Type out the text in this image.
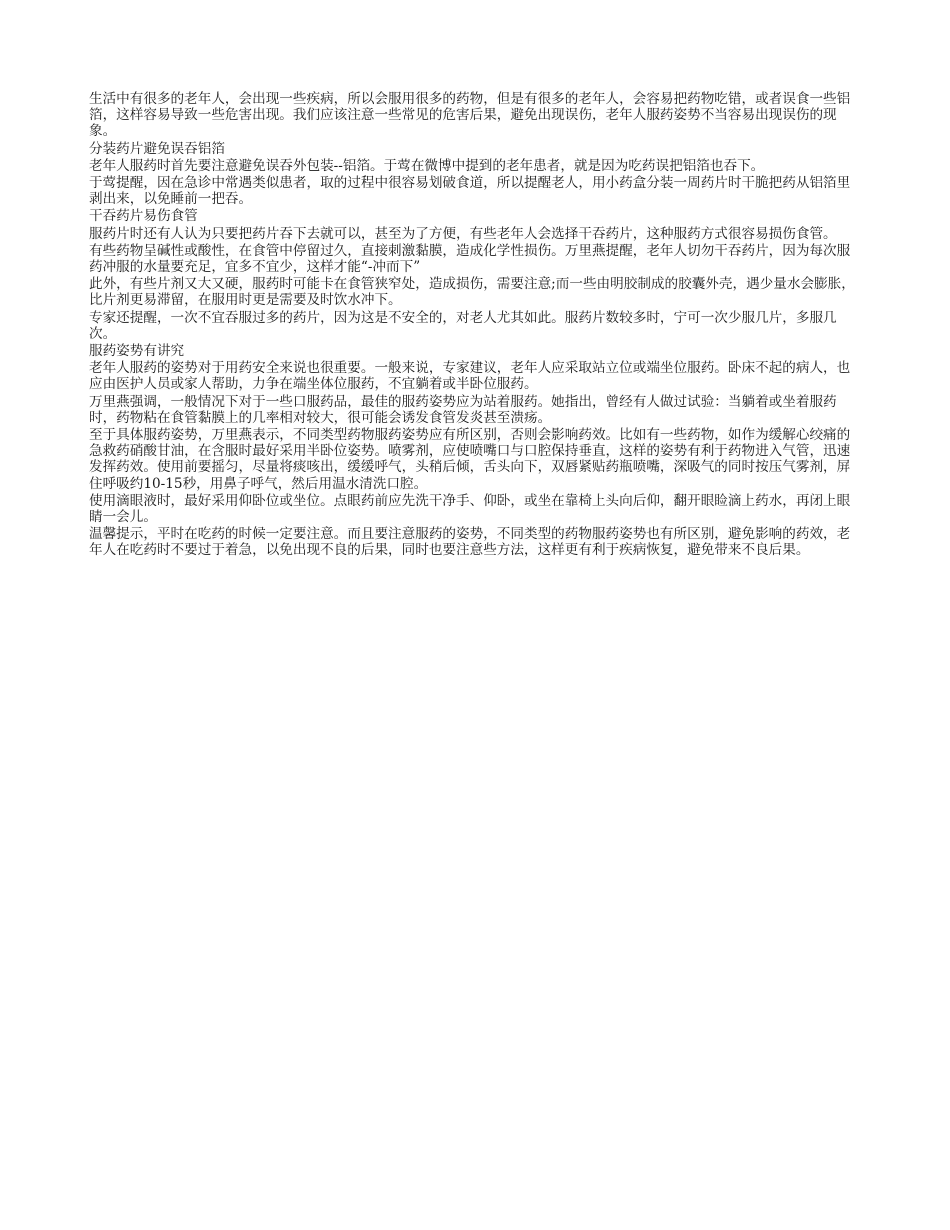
生活中有很多的老年人，会出现一些疾病，所以会服用很多的药物，但是有很多的老年人，会容易把药物吃错，或者误食一些铝箔，这样容易导致一些危害出现。我们应该注意一些常见的危害后果，避免出现误伤，老年人服药姿势不当容易出现误伤的现象。

分装药片避免误吞铝箔

老年人服药时首先要注意避免误吞外包装--铝箔。于莺在微博中提到的老年患者，就是因为吃药误把铝箔也吞下。

于莺提醒，因在急诊中常遇类似患者，取的过程中很容易划破食道，所以提醒老人，用小药盒分装一周药片时干脆把药从铝箔里剥出来，以免睡前一把吞。

干吞药片易伤食管

服药片时还有人认为只要把药片吞下去就可以，甚至为了方便，有些老年人会选择干吞药片，这种服药方式很容易损伤食管。

有些药物呈碱性或酸性，在食管中停留过久，直接刺激黏膜，造成化学性损伤。万里燕提醒，老年人切勿干吞药片，因为每次服药冲服的水量要充足，宜多不宜少，这样才能“-冲而下”

此外，有些片剂又大又硬，服药时可能卡在食管狭窄处，造成损伤，需要注意;而一些由明胶制成的胶囊外壳，遇少量水会膨胀，比片剂更易滞留，在服用时更是需要及时饮水冲下。

专家还提醒，一次不宜吞服过多的药片，因为这是不安全的，对老人尤其如此。服药片数较多时，宁可一次少服几片，多服几次。

服药姿势有讲究

老年人服药的姿势对于用药安全来说也很重要。一般来说，专家建议，老年人应采取站立位或端坐位服药。卧床不起的病人，也应由医护人员或家人帮助，力争在端坐体位服药，不宜躺着或半卧位服药。

万里燕强调，一般情况下对于一些口服药品，最佳的服药姿势应为站着服药。她指出，曾经有人做过试验：当躺着或坐着服药时，药物粘在食管黏膜上的几率相对较大，很可能会诱发食管发炎甚至溃疡。

至于具体服药姿势，万里燕表示，不同类型药物服药姿势应有所区别，否则会影响药效。比如有一些药物，如作为缓解心绞痛的急救药硝酸甘油，在含服时最好采用半卧位姿势。喷雾剂，应使喷嘴口与口腔保持垂直，这样的姿势有利于药物进入气管，迅速发挥药效。使用前要摇匀，尽量将痰咳出，缓缓呼气，头稍后倾，舌头向下，双唇紧贴药瓶喷嘴，深吸气的同时按压气雾剂，屏住呼吸约10-15秒，用鼻子呼气，然后用温水清洗口腔。

使用滴眼液时，最好采用仰卧位或坐位。点眼药前应先洗干净手、仰卧，或坐在靠椅上头向后仰，翻开眼睑滴上药水，再闭上眼睛一会儿。

温馨提示，平时在吃药的时候一定要注意。而且要注意服药的姿势，不同类型的药物服药姿势也有所区别，避免影响的药效，老年人在吃药时不要过于着急，以免出现不良的后果，同时也要注意些方法，这样更有利于疾病恢复，避免带来不良后果。
